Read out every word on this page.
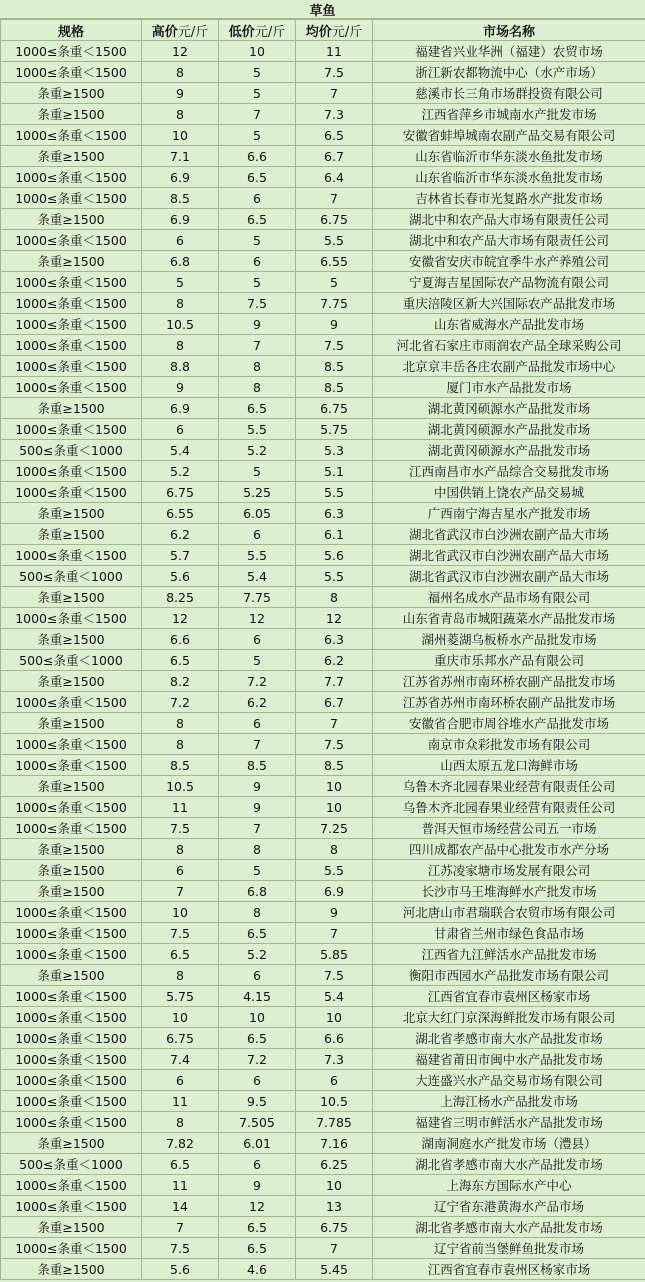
草鱼
规格	高价元/斤	低价元/斤	均价元/斤	市场名称
1000≤条重＜1500	12	10	11	福建省兴业华洲（福建）农贸市场
1000≤条重＜1500	8	5	7.5	浙江新农都物流中心（水产市场）
条重≥1500	9	5	7	慈溪市长三角市场群投资有限公司
条重≥1500	8	7	7.3	江西省萍乡市城南水产批发市场
1000≤条重＜1500	10	5	6.5	安徽省蚌埠城南农副产品交易有限公司
条重≥1500	7.1	6.6	6.7	山东省临沂市华东淡水鱼批发市场
1000≤条重＜1500	6.9	6.5	6.4	山东省临沂市华东淡水鱼批发市场
1000≤条重＜1500	8.5	6	7	吉林省长春市光复路水产批发市场
条重≥1500	6.9	6.5	6.75	湖北中和农产品大市场有限责任公司
1000≤条重＜1500	6	5	5.5	湖北中和农产品大市场有限责任公司
条重≥1500	6.8	6	6.55	安徽省安庆市皖宜季牛水产养殖公司
1000≤条重＜1500	5	5	5	宁夏海吉星国际农产品物流有限公司
1000≤条重＜1500	8	7.5	7.75	重庆涪陵区新大兴国际农产品批发市场
1000≤条重＜1500	10.5	9	9	山东省威海水产品批发市场
1000≤条重＜1500	8	7	7.5	河北省石家庄市雨润农产品全球采购公司
1000≤条重＜1500	8.8	8	8.5	北京京丰岳各庄农副产品批发市场中心
1000≤条重＜1500	9	8	8.5	厦门市水产品批发市场
条重≥1500	6.9	6.5	6.75	湖北黄冈硕源水产品批发市场
1000≤条重＜1500	6	5.5	5.75	湖北黄冈硕源水产品批发市场
500≤条重＜1000	5.4	5.2	5.3	湖北黄冈硕源水产品批发市场
1000≤条重＜1500	5.2	5	5.1	江西南昌市水产品综合交易批发市场
1000≤条重＜1500	6.75	5.25	5.5	中国供销上饶农产品交易城
条重≥1500	6.55	6.05	6.3	广西南宁海吉星水产批发市场
条重≥1500	6.2	6	6.1	湖北省武汉市白沙洲农副产品大市场
1000≤条重＜1500	5.7	5.5	5.6	湖北省武汉市白沙洲农副产品大市场
500≤条重＜1000	5.6	5.4	5.5	湖北省武汉市白沙洲农副产品大市场
条重≥1500	8.25	7.75	8	福州名成水产品市场有限公司
1000≤条重＜1500	12	12	12	山东省青岛市城阳蔬菜水产品批发市场
条重≥1500	6.6	6	6.3	湖州菱湖乌板桥水产品批发市场
500≤条重＜1000	6.5	5	6.2	重庆市乐邦水产品有限公司
条重≥1500	8.2	7.2	7.7	江苏省苏州市南环桥农副产品批发市场
1000≤条重＜1500	7.2	6.2	6.7	江苏省苏州市南环桥农副产品批发市场
条重≥1500	8	6	7	安徽省合肥市周谷堆水产品批发市场
1000≤条重＜1500	8	7	7.5	南京市众彩批发市场有限公司
1000≤条重＜1500	8.5	8.5	8.5	山西太原五龙口海鲜市场
条重≥1500	10.5	9	10	乌鲁木齐北园春果业经营有限责任公司
1000≤条重＜1500	11	9	10	乌鲁木齐北园春果业经营有限责任公司
1000≤条重＜1500	7.5	7	7.25	普洱天恒市场经营公司五一市场
条重≥1500	8	8	8	四川成都农产品中心批发市水产分场
条重≥1500	6	5	5.5	江苏凌家塘市场发展有限公司
条重≥1500	7	6.8	6.9	长沙市马王堆海鲜水产批发市场
1000≤条重＜1500	10	8	9	河北唐山市君瑞联合农贸市场有限公司
1000≤条重＜1500	7.5	6.5	7	甘肃省兰州市绿色食品市场
1000≤条重＜1500	6.5	5.2	5.85	江西省九江鲜活水产品批发市场
条重≥1500	8	6	7.5	衡阳市西园水产品批发市场有限公司
1000≤条重＜1500	5.75	4.15	5.4	江西省宜春市袁州区杨家市场
1000≤条重＜1500	10	10	10	北京大红门京深海鲜批发市场有限公司
1000≤条重＜1500	6.75	6.5	6.6	湖北省孝感市南大水产品批发市场
1000≤条重＜1500	7.4	7.2	7.3	福建省莆田市闽中水产品批发市场
1000≤条重＜1500	6	6	6	大连盛兴水产品交易市场有限公司
1000≤条重＜1500	11	9.5	10.5	上海江杨水产品批发市场
1000≤条重＜1500	8	7.505	7.785	福建省三明市鲜活水产品批发市场
条重≥1500	7.82	6.01	7.16	湖南洞庭水产批发市场（澧县）
500≤条重＜1000	6.5	6	6.25	湖北省孝感市南大水产品批发市场
1000≤条重＜1500	11	9	10	上海东方国际水产中心
1000≤条重＜1500	14	12	13	辽宁省东港黄海水产品市场
条重≥1500	7	6.5	6.75	湖北省孝感市南大水产品批发市场
1000≤条重＜1500	7.5	6.5	7	辽宁省前当堡鲜鱼批发市场
条重≥1500	5.6	4.6	5.45	江西省宜春市袁州区杨家市场
